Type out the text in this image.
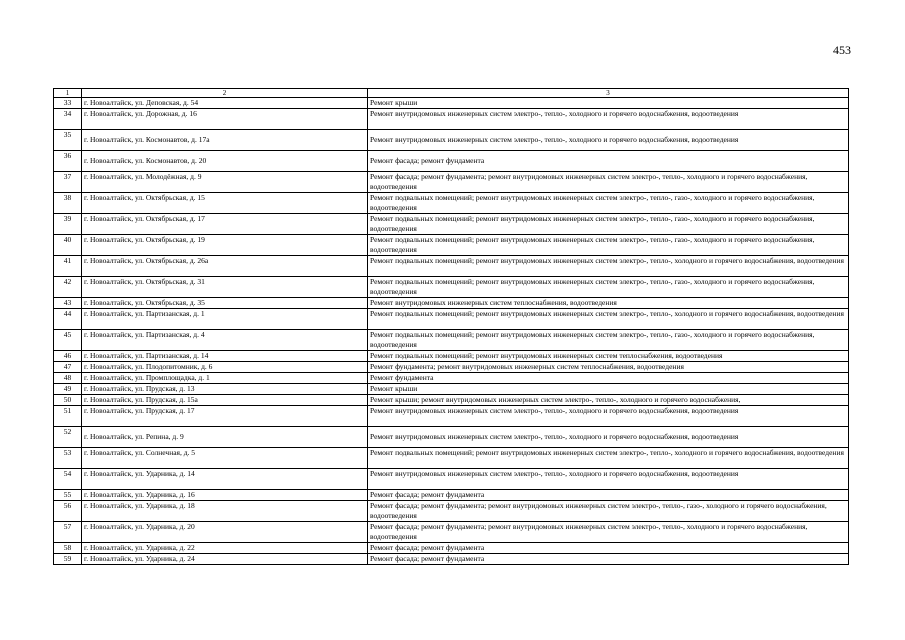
453
1	2	3
33	г. Новоалтайск, ул. Деповская, д. 54	Ремонт крыши
34	г. Новоалтайск, ул. Дорожная, д. 16	Ремонт внутридомовых инженерных систем электро-, тепло-, холодного и горячего водоснабжения, водоотведения
35	г. Новоалтайск, ул. Космонавтов, д. 17а	Ремонт внутридомовых инженерных систем электро-, тепло-, холодного и горячего водоснабжения, водоотведения
36	г. Новоалтайск, ул. Космонавтов, д. 20	Ремонт фасада; ремонт фундамента
37	г. Новоалтайск, ул. Молодёжная, д. 9	Ремонт фасада; ремонт фундамента; ремонт внутридомовых инженерных систем электро-, тепло-, холодного и горячего водоснабжения, водоотведения
38	г. Новоалтайск, ул. Октябрьская, д. 15	Ремонт подвальных помещений; ремонт внутридомовых инженерных систем электро-, тепло-, газо-, холодного и горячего водоснабжения, водоотведения
39	г. Новоалтайск, ул. Октябрьская, д. 17	Ремонт подвальных помещений; ремонт внутридомовых инженерных систем электро-, тепло-, газо-, холодного и горячего водоснабжения, водоотведения
40	г. Новоалтайск, ул. Октябрьская, д. 19	Ремонт подвальных помещений; ремонт внутридомовых инженерных систем электро-, тепло-, газо-, холодного и горячего водоснабжения, водоотведения
41	г. Новоалтайск, ул. Октябрьская, д. 26а	Ремонт подвальных помещений; ремонт внутридомовых инженерных систем электро-, тепло-, холодного и горячего водоснабжения, водоотведения
42	г. Новоалтайск, ул. Октябрьская, д. 31	Ремонт подвальных помещений; ремонт внутридомовых инженерных систем электро-, тепло-, газо-, холодного и горячего водоснабжения, водоотведения
43	г. Новоалтайск, ул. Октябрьская, д. 35	Ремонт внутридомовых инженерных систем теплоснабжения, водоотведения
44	г. Новоалтайск, ул. Партизанская, д. 1	Ремонт подвальных помещений; ремонт внутридомовых инженерных систем электро-, тепло-, холодного и горячего водоснабжения, водоотведения
45	г. Новоалтайск, ул. Партизанская, д. 4	Ремонт подвальных помещений; ремонт внутридомовых инженерных систем электро-, тепло-, газо-, холодного и горячего водоснабжения, водоотведения
46	г. Новоалтайск, ул. Партизанская, д. 14	Ремонт подвальных помещений; ремонт внутридомовых инженерных систем теплоснабжения, водоотведения
47	г. Новоалтайск, ул. Плодопитомник, д. 6	Ремонт фундамента; ремонт внутридомовых инженерных систем теплоснабжения, водоотведения
48	г. Новоалтайск, ул. Промплощадка, д. 1	Ремонт фундамента
49	г. Новоалтайск, ул. Прудская, д. 13	Ремонт крыши
50	г. Новоалтайск, ул. Прудская, д. 15а	Ремонт крыши; ремонт внутридомовых инженерных систем электро-, тепло-, холодного и горячего водоснабжения,
51	г. Новоалтайск, ул. Прудская, д. 17	Ремонт внутридомовых инженерных систем электро-, тепло-, холодного и горячего водоснабжения, водоотведения
52	г. Новоалтайск, ул. Репина, д. 9	Ремонт внутридомовых инженерных систем электро-, тепло-, холодного и горячего водоснабжения, водоотведения
53	г. Новоалтайск, ул. Солнечная, д. 5	Ремонт подвальных помещений; ремонт внутридомовых инженерных систем электро-, тепло-, холодного и горячего водоснабжения, водоотведения
54	г. Новоалтайск, ул. Ударника, д. 14	Ремонт внутридомовых инженерных систем электро-, тепло-, холодного и горячего водоснабжения, водоотведения
55	г. Новоалтайск, ул. Ударника, д. 16	Ремонт фасада; ремонт фундамента
56	г. Новоалтайск, ул. Ударника, д. 18	Ремонт фасада; ремонт фундамента; ремонт внутридомовых инженерных систем электро-, тепло-, газо-, холодного и горячего водоснабжения, водоотведения
57	г. Новоалтайск, ул. Ударника, д. 20	Ремонт фасада; ремонт фундамента; ремонт внутридомовых инженерных систем электро-, тепло-, холодного и горячего водоснабжения, водоотведения
58	г. Новоалтайск, ул. Ударника, д. 22	Ремонт фасада; ремонт фундамента
59	г. Новоалтайск, ул. Ударника, д. 24	Ремонт фасада; ремонт фундамента
